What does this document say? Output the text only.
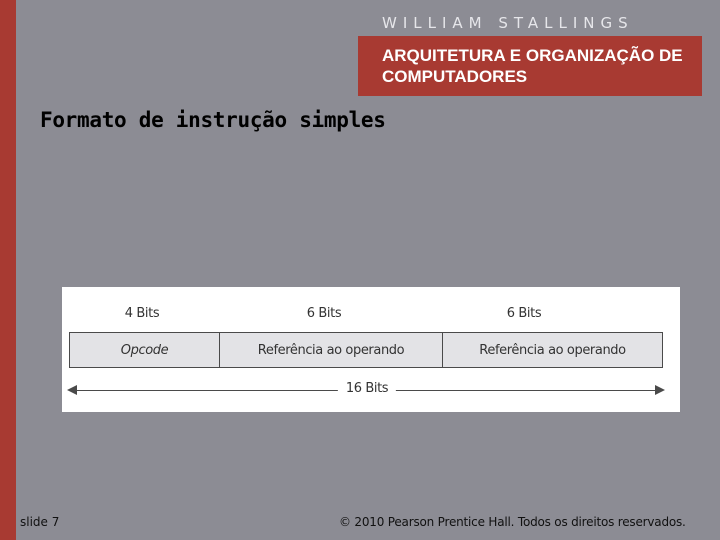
WILLIAM STALLINGS
ARQUITETURA E ORGANIZAÇÃO DE COMPUTADORES
Formato de instrução simples
4 Bits	6 Bits	6 Bits
Opcode	Referência ao operando	Referência ao operando
16 Bits
slide 7	© 2010 Pearson Prentice Hall. Todos os direitos reservados.
